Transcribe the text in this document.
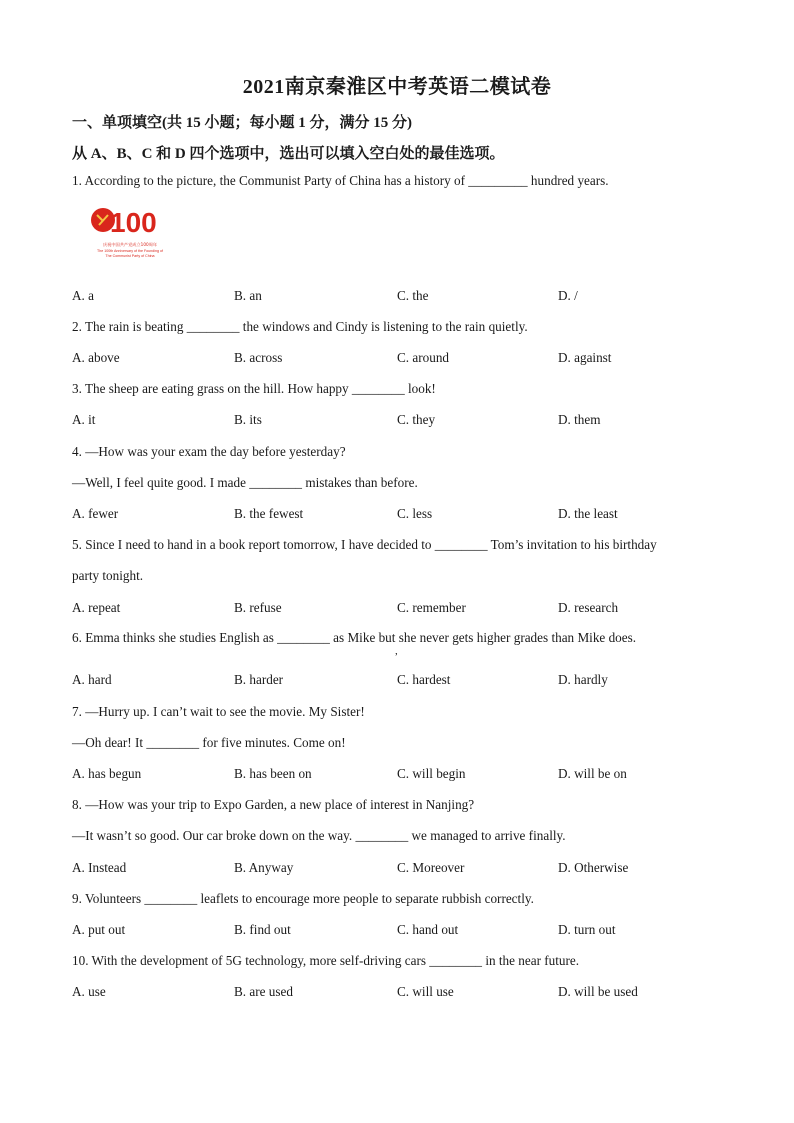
2021南京秦淮区中考英语二模试卷
一、单项填空(共 15 小题；每小题 1 分，满分 15 分)
从 A、B、C 和 D 四个选项中，选出可以填入空白处的最佳选项。
1. According to the picture, the Communist Party of China has a history of _________ hundred years.
100
庆祝中国共产党成立100周年
The 100th Anniversary of the Founding of
The Communist Party of China
A. a	B. an	C. the	D. /
2. The rain is beating ________ the windows and Cindy is listening to the rain quietly.
A. above	B. across	C. around	D. against
3. The sheep are eating grass on the hill. How happy ________ look!
A. it	B. its	C. they	D. them
4. —How was your exam the day before yesterday?
—Well, I feel quite good. I made ________ mistakes than before.
A. fewer	B. the fewest	C. less	D. the least
5. Since I need to hand in a book report tomorrow, I have decided to ________ Tom’s invitation to his birthday
party tonight.
A. repeat	B. refuse	C. remember	D. research
6. Emma thinks she studies English as ________ as Mike but she never gets higher grades than Mike does.
,
A. hard	B. harder	C. hardest	D. hardly
7. —Hurry up. I can’t wait to see the movie. My Sister!
—Oh dear! It ________ for five minutes. Come on!
A. has begun	B. has been on	C. will begin	D. will be on
8. —How was your trip to Expo Garden, a new place of interest in Nanjing?
—It wasn’t so good. Our car broke down on the way. ________ we managed to arrive finally.
A. Instead	B. Anyway	C. Moreover	D. Otherwise
9. Volunteers ________ leaflets to encourage more people to separate rubbish correctly.
A. put out	B. find out	C. hand out	D. turn out
10. With the development of 5G technology, more self-driving cars ________ in the near future.
A. use	B. are used	C. will use	D. will be used
